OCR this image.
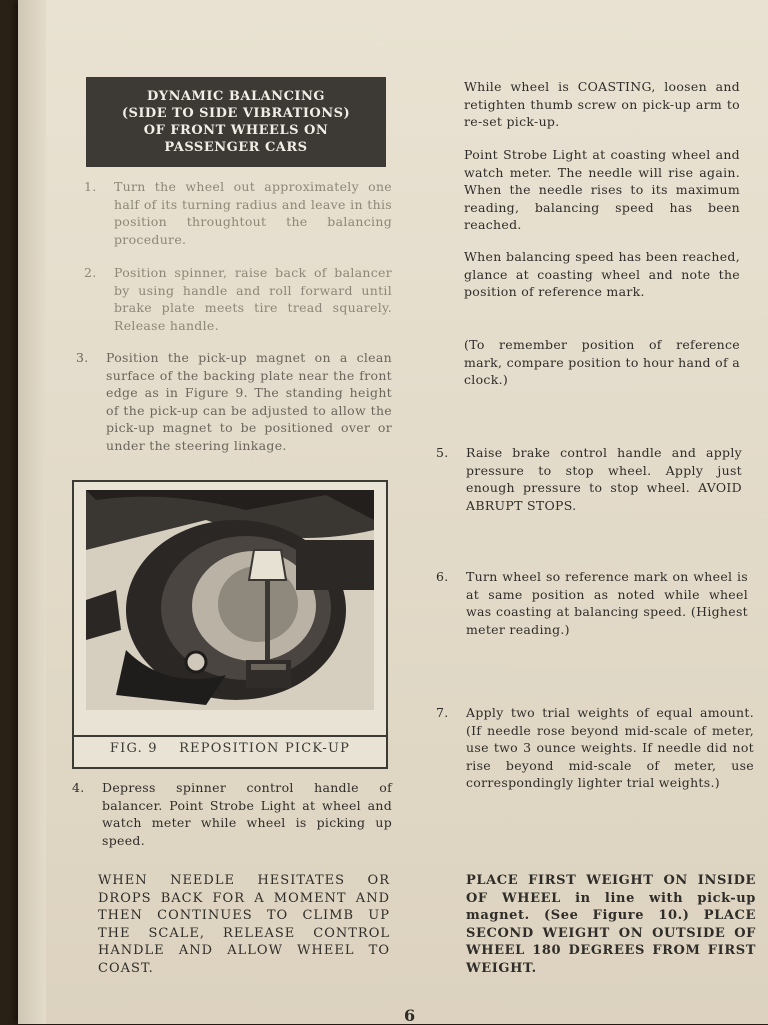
DYNAMIC BALANCING
(SIDE TO SIDE VIBRATIONS)
OF FRONT WHEELS ON
PASSENGER CARS
1. Turn the wheel out approximately one half of its turning radius and leave in this position throughtout the balancing procedure.
2. Position spinner, raise back of balancer by using handle and roll forward until brake plate meets tire tread squarely. Release handle.
3. Position the pick-up magnet on a clean surface of the backing plate near the front edge as in Figure 9. The standing height of the pick-up can be adjusted to allow the pick-up magnet to be positioned over or under the steering linkage.
FIG. 9    REPOSITION PICK-UP
4. Depress spinner control handle of balancer. Point Strobe Light at wheel and watch meter while wheel is picking up speed.
WHEN NEEDLE HESITATES OR DROPS BACK FOR A MOMENT AND THEN CONTINUES TO CLIMB UP THE SCALE, RELEASE CONTROL HANDLE AND ALLOW WHEEL TO COAST.
While wheel is COASTING, loosen and retighten thumb screw on pick-up arm to re-set pick-up.
Point Strobe Light at coasting wheel and watch meter. The needle will rise again. When the needle rises to its maximum reading, balancing speed has been reached.
When balancing speed has been reached, glance at coasting wheel and note the position of reference mark.
(To remember position of reference mark, compare position to hour hand of a clock.)
5. Raise brake control handle and apply pressure to stop wheel. Apply just enough pressure to stop wheel. AVOID ABRUPT STOPS.
6. Turn wheel so reference mark on wheel is at same position as noted while wheel was coasting at balancing speed. (Highest meter reading.)
7. Apply two trial weights of equal amount. (If needle rose beyond mid-scale of meter, use two 3 ounce weights. If needle did not rise beyond mid-scale of meter, use correspondingly lighter trial weights.)
PLACE FIRST WEIGHT ON INSIDE OF WHEEL in line with pick-up magnet. (See Figure 10.) PLACE SECOND WEIGHT ON OUTSIDE OF WHEEL 180 DEGREES FROM FIRST WEIGHT.
6
